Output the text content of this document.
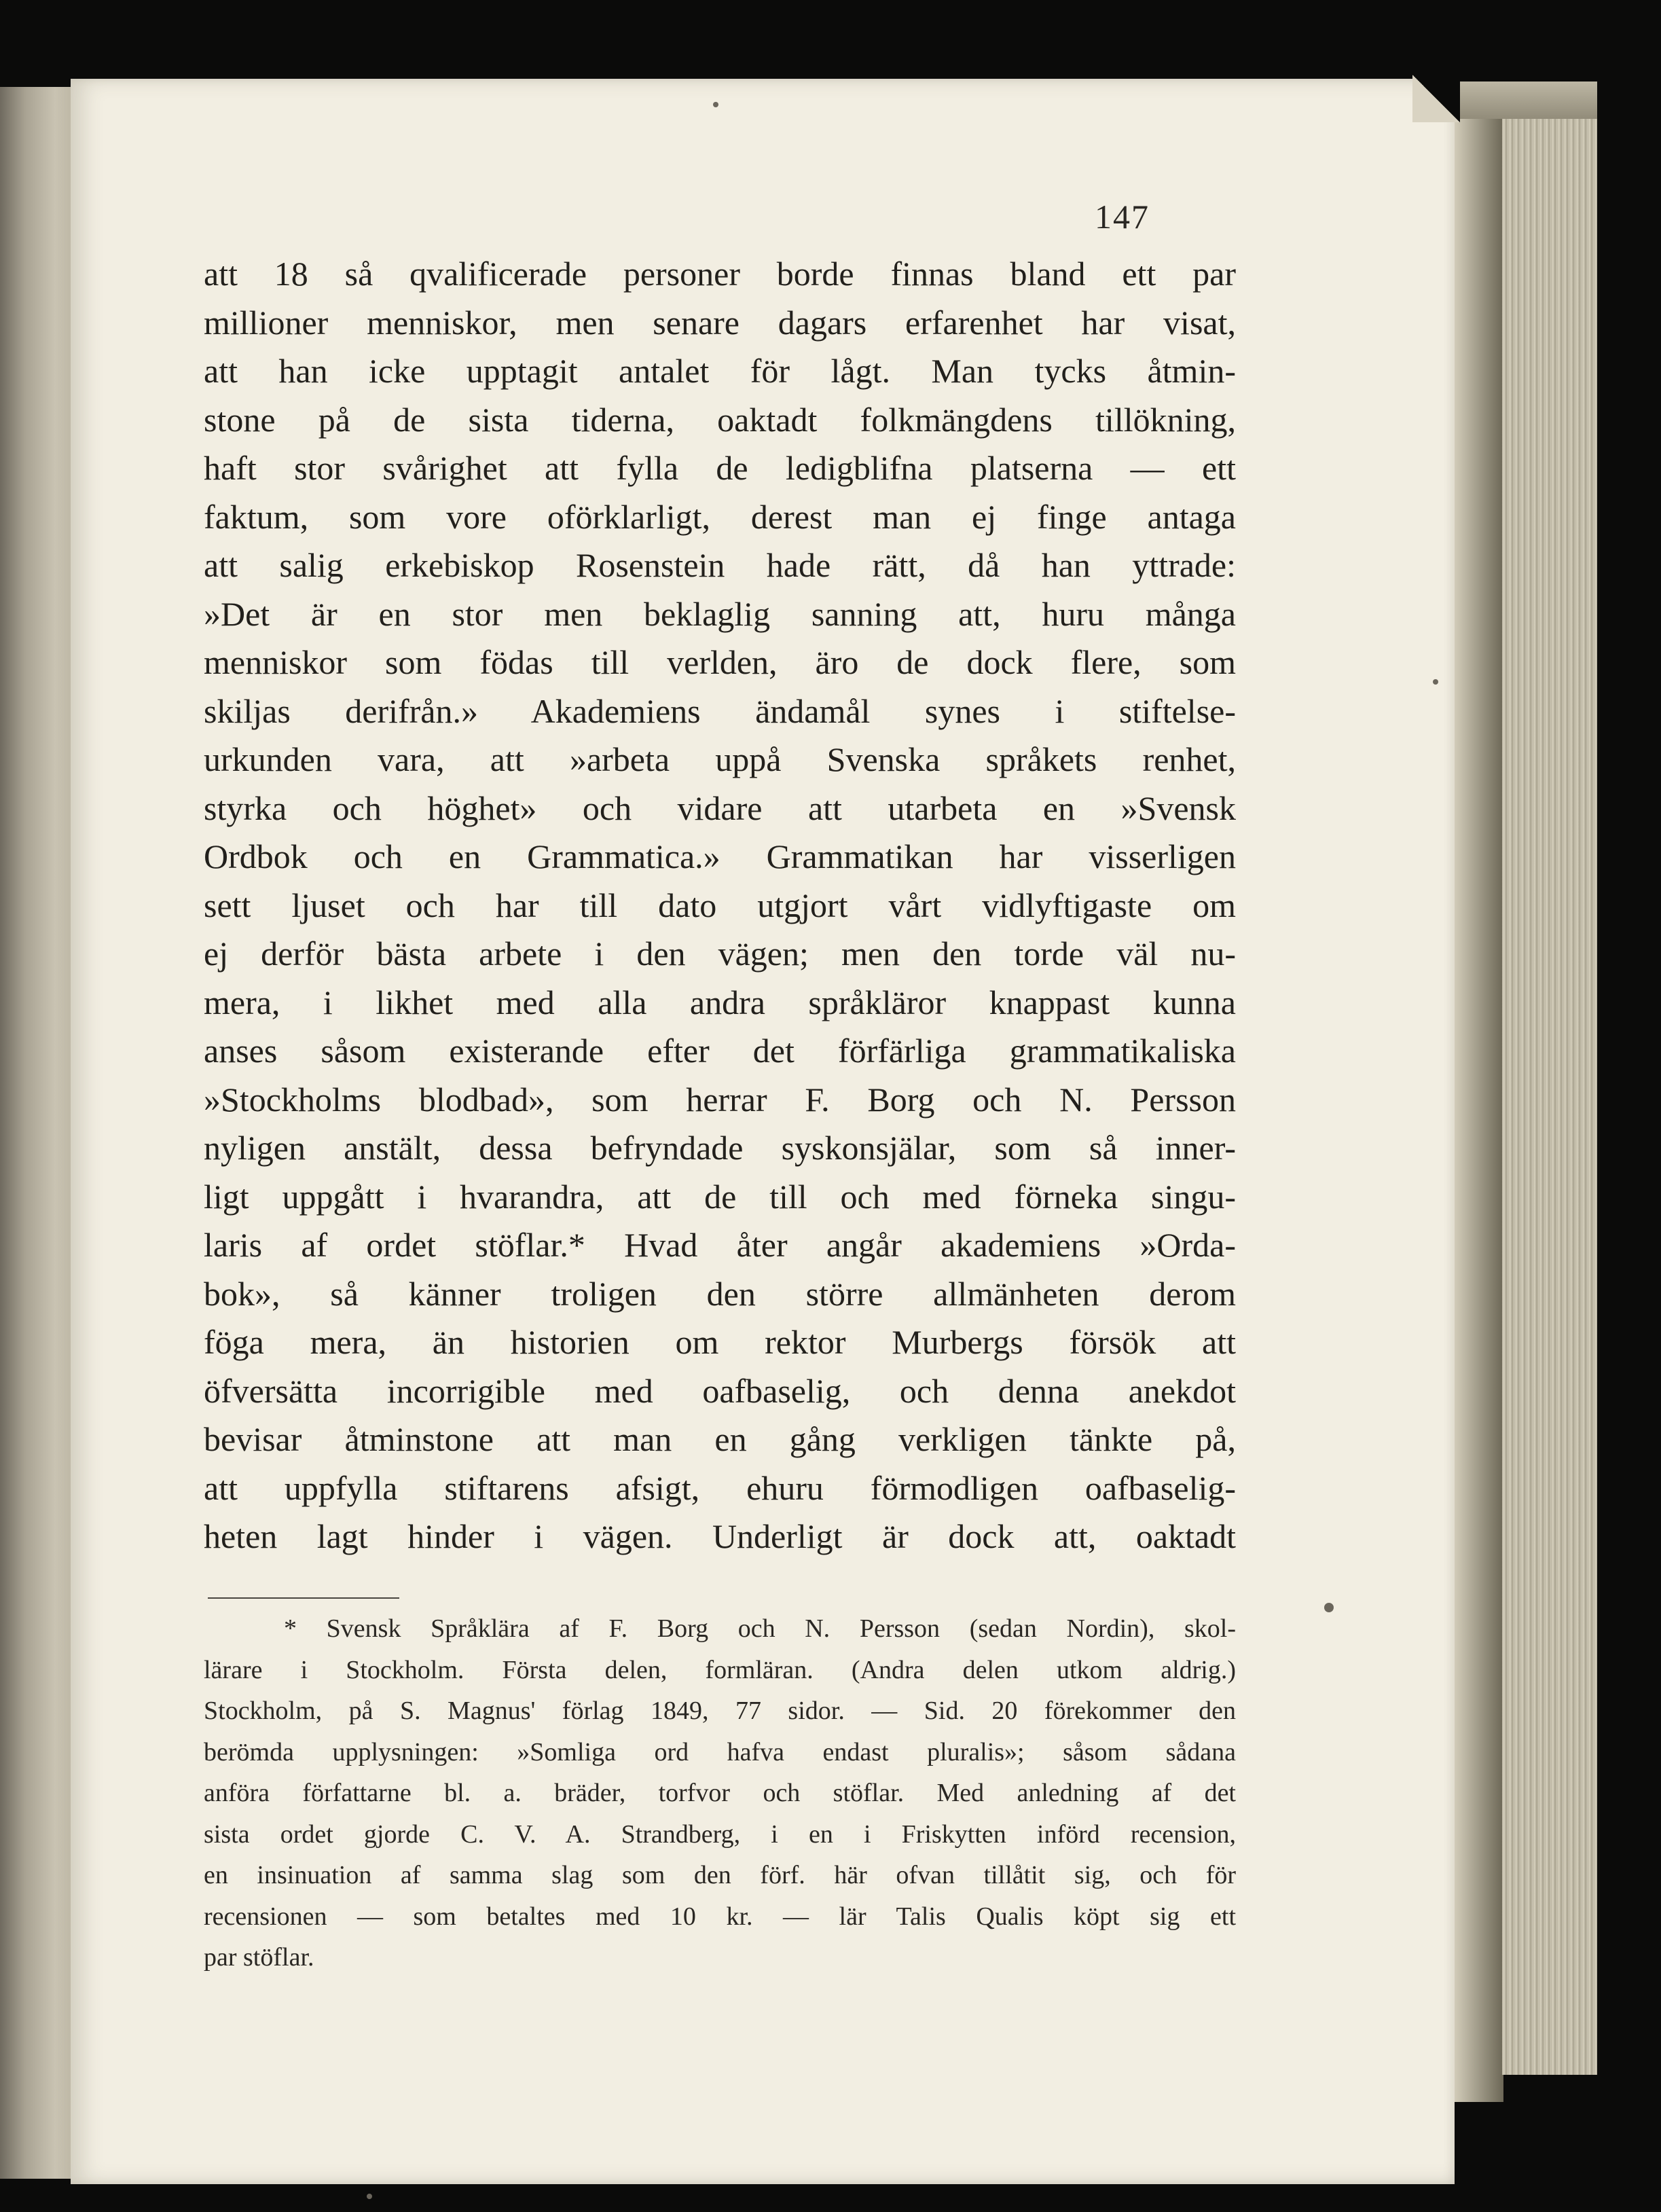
147
att 18 så qvalificerade personer borde finnas bland ett par
millioner menniskor, men senare dagars erfarenhet har visat,
att han icke upptagit antalet för lågt. Man tycks åtmin-
stone på de sista tiderna, oaktadt folkmängdens tillökning,
haft stor svårighet att fylla de ledigblifna platserna — ett
faktum, som vore oförklarligt, derest man ej finge antaga
att salig erkebiskop Rosenstein hade rätt, då han yttrade:
»Det är en stor men beklaglig sanning att, huru många
menniskor som födas till verlden, äro de dock flere, som
skiljas derifrån.» Akademiens ändamål synes i stiftelse-
urkunden vara, att »arbeta uppå Svenska språkets renhet,
styrka och höghet» och vidare att utarbeta en »Svensk
Ordbok och en Grammatica.» Grammatikan har visserligen
sett ljuset och har till dato utgjort vårt vidlyftigaste om
ej derför bästa arbete i den vägen; men den torde väl nu-
mera, i likhet med alla andra språkläror knappast kunna
anses såsom existerande efter det förfärliga grammatikaliska
»Stockholms blodbad», som herrar F. Borg och N. Persson
nyligen anstält, dessa befryndade syskonsjälar, som så inner-
ligt uppgått i hvarandra, att de till och med förneka singu-
laris af ordet stöflar.* Hvad åter angår akademiens »Orda-
bok», så känner troligen den större allmänheten derom
föga mera, än historien om rektor Murbergs försök att
öfversätta incorrigible med oafbaselig, och denna anekdot
bevisar åtminstone att man en gång verkligen tänkte på,
att uppfylla stiftarens afsigt, ehuru förmodligen oafbaselig-
heten lagt hinder i vägen. Underligt är dock att, oaktadt
* Svensk Språklära af F. Borg och N. Persson (sedan Nordin), skol-
lärare i Stockholm. Första delen, formläran. (Andra delen utkom aldrig.)
Stockholm, på S. Magnus' förlag 1849, 77 sidor. — Sid. 20 förekommer den
berömda upplysningen: »Somliga ord hafva endast pluralis»; såsom sådana
anföra författarne bl. a. bräder, torfvor och stöflar. Med anledning af det
sista ordet gjorde C. V. A. Strandberg, i en i Friskytten införd recension,
en insinuation af samma slag som den förf. här ofvan tillåtit sig, och för
recensionen — som betaltes med 10 kr. — lär Talis Qualis köpt sig ett
par stöflar.
